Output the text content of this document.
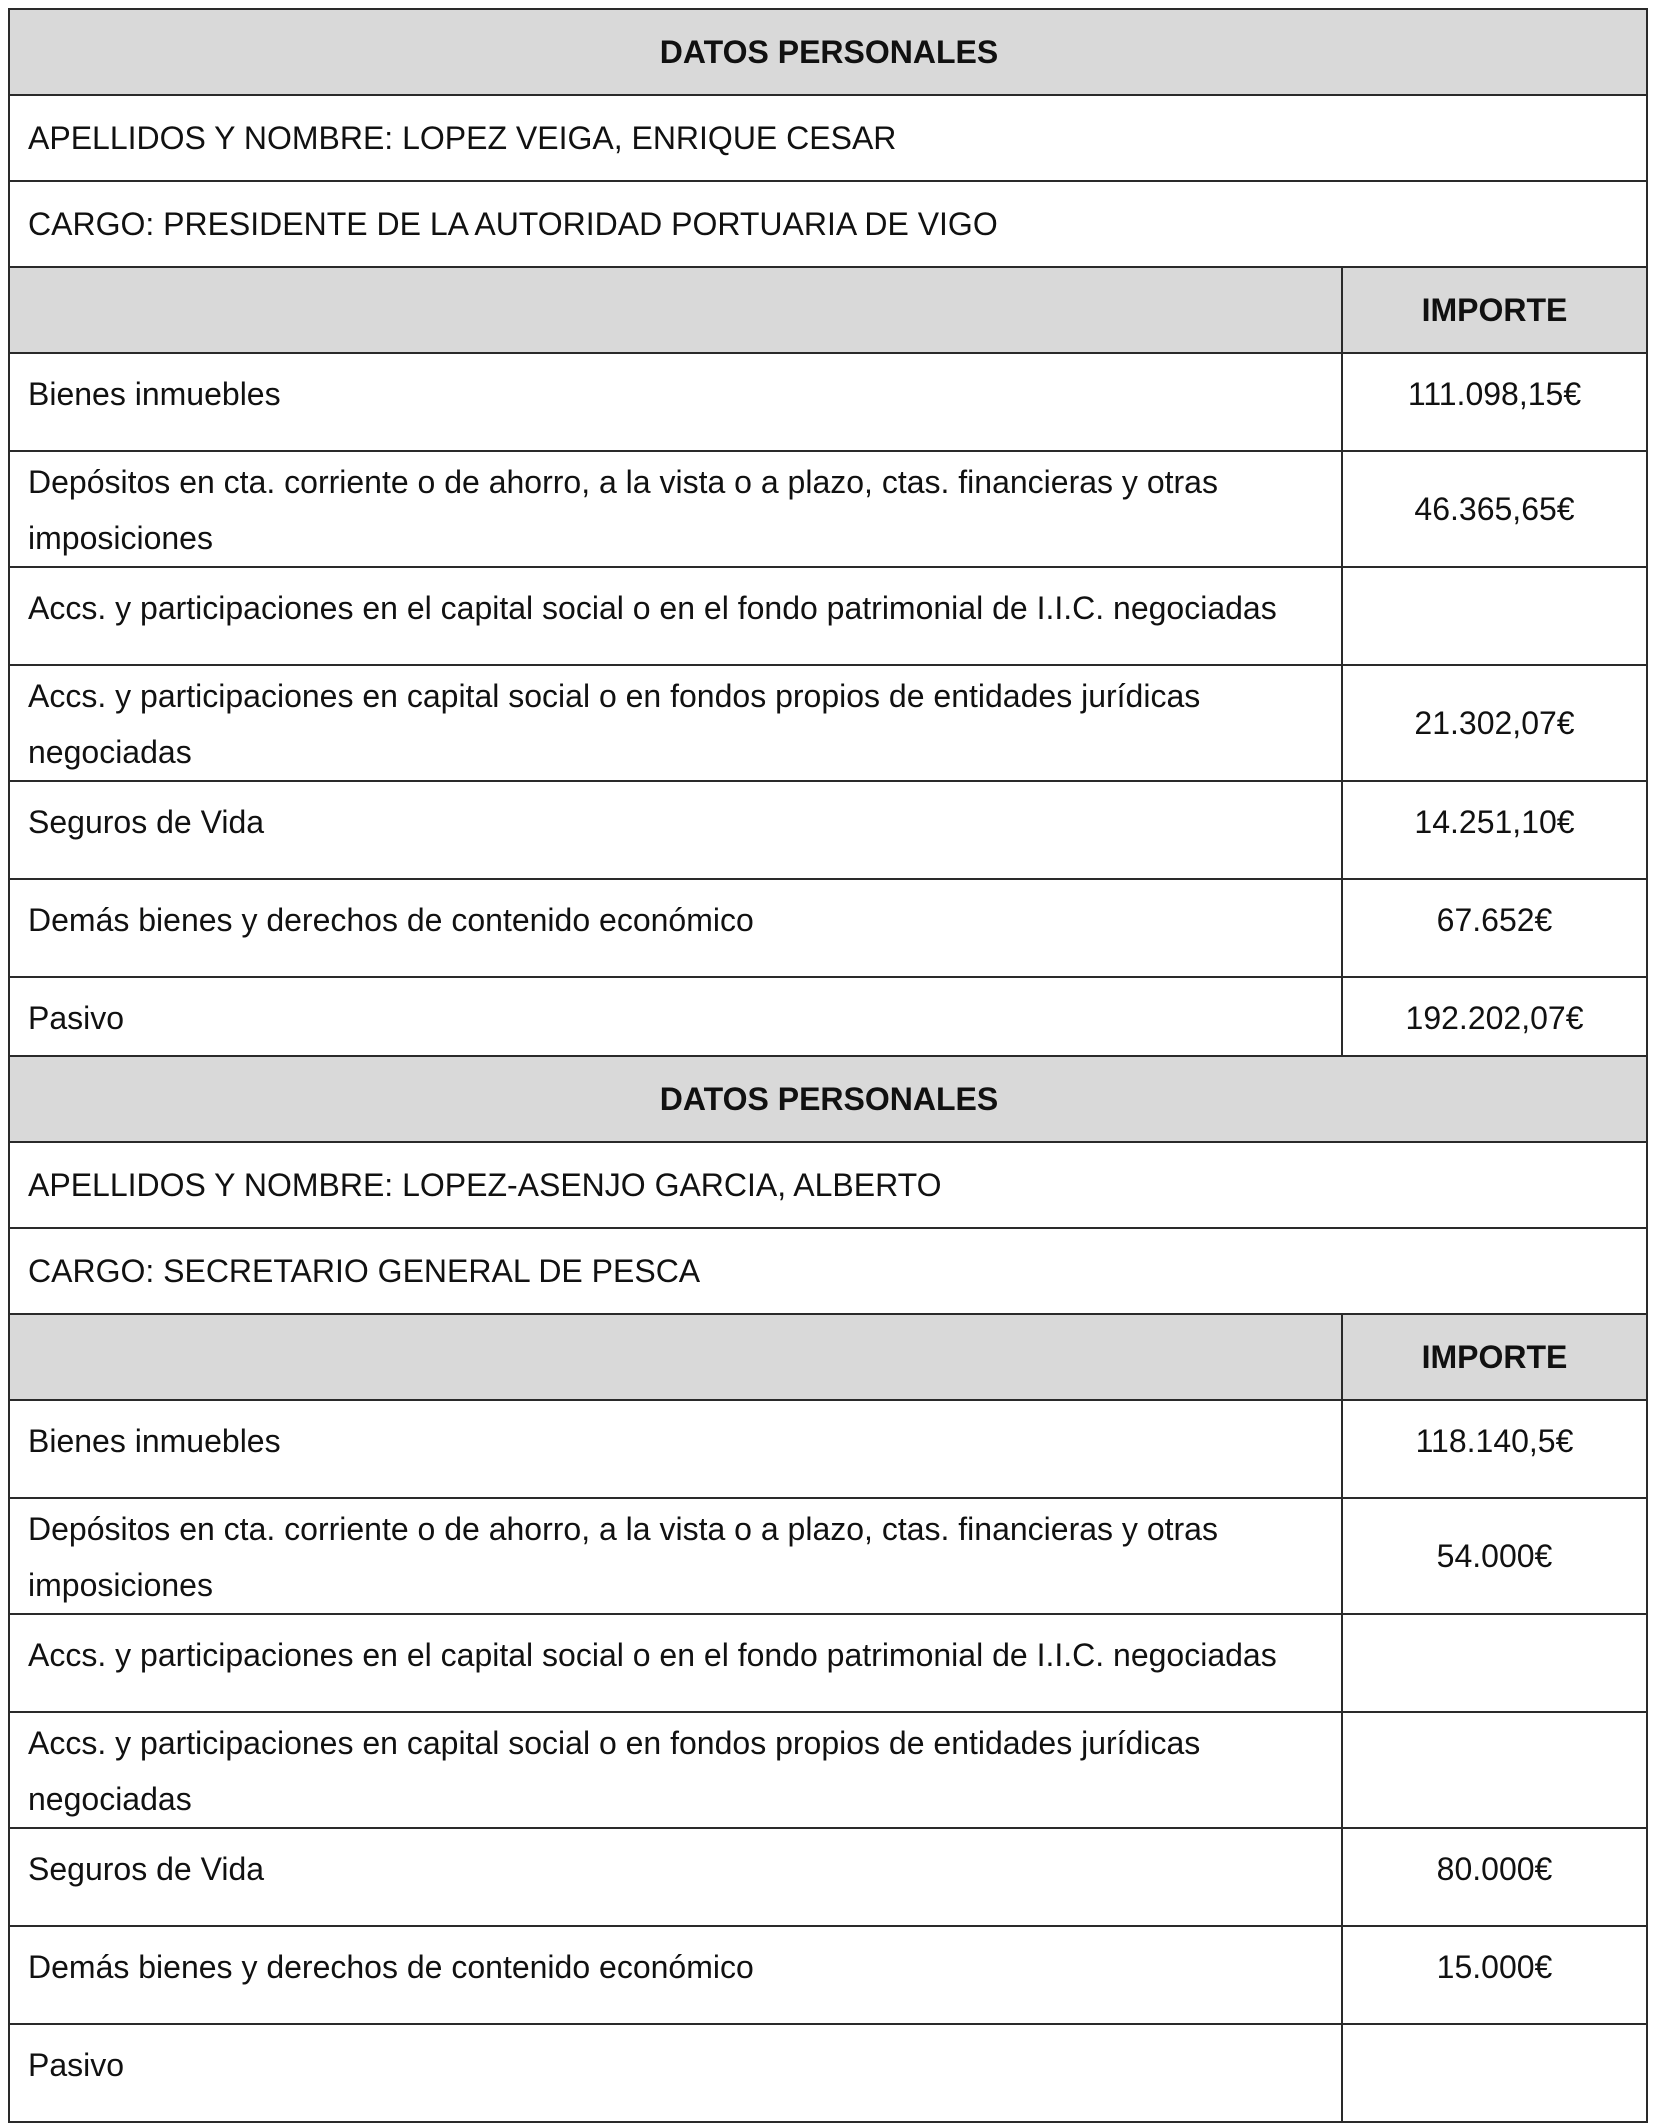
DATOS PERSONALES	
APELLIDOS Y NOMBRE: LOPEZ VEIGA, ENRIQUE CESAR	
CARGO: PRESIDENTE DE LA AUTORIDAD PORTUARIA DE VIGO	
	IMPORTE
Bienes inmuebles	111.098,15€
Depósitos en cta. corriente o de ahorro, a la vista o a plazo, ctas. financieras y otras imposiciones	46.365,65€
Accs. y participaciones en el capital social o en el fondo patrimonial de I.I.C. negociadas	
Accs. y participaciones en capital social o en fondos propios de entidades jurídicas negociadas	21.302,07€
Seguros de Vida	14.251,10€
Demás bienes y derechos de contenido económico	67.652€
Pasivo	192.202,07€
DATOS PERSONALES	
APELLIDOS Y NOMBRE: LOPEZ-ASENJO GARCIA, ALBERTO	
CARGO: SECRETARIO GENERAL DE PESCA	
	IMPORTE
Bienes inmuebles	118.140,5€
Depósitos en cta. corriente o de ahorro, a la vista o a plazo, ctas. financieras y otras imposiciones	54.000€
Accs. y participaciones en el capital social o en el fondo patrimonial de I.I.C. negociadas	
Accs. y participaciones en capital social o en fondos propios de entidades jurídicas negociadas	
Seguros de Vida	80.000€
Demás bienes y derechos de contenido económico	15.000€
Pasivo	
